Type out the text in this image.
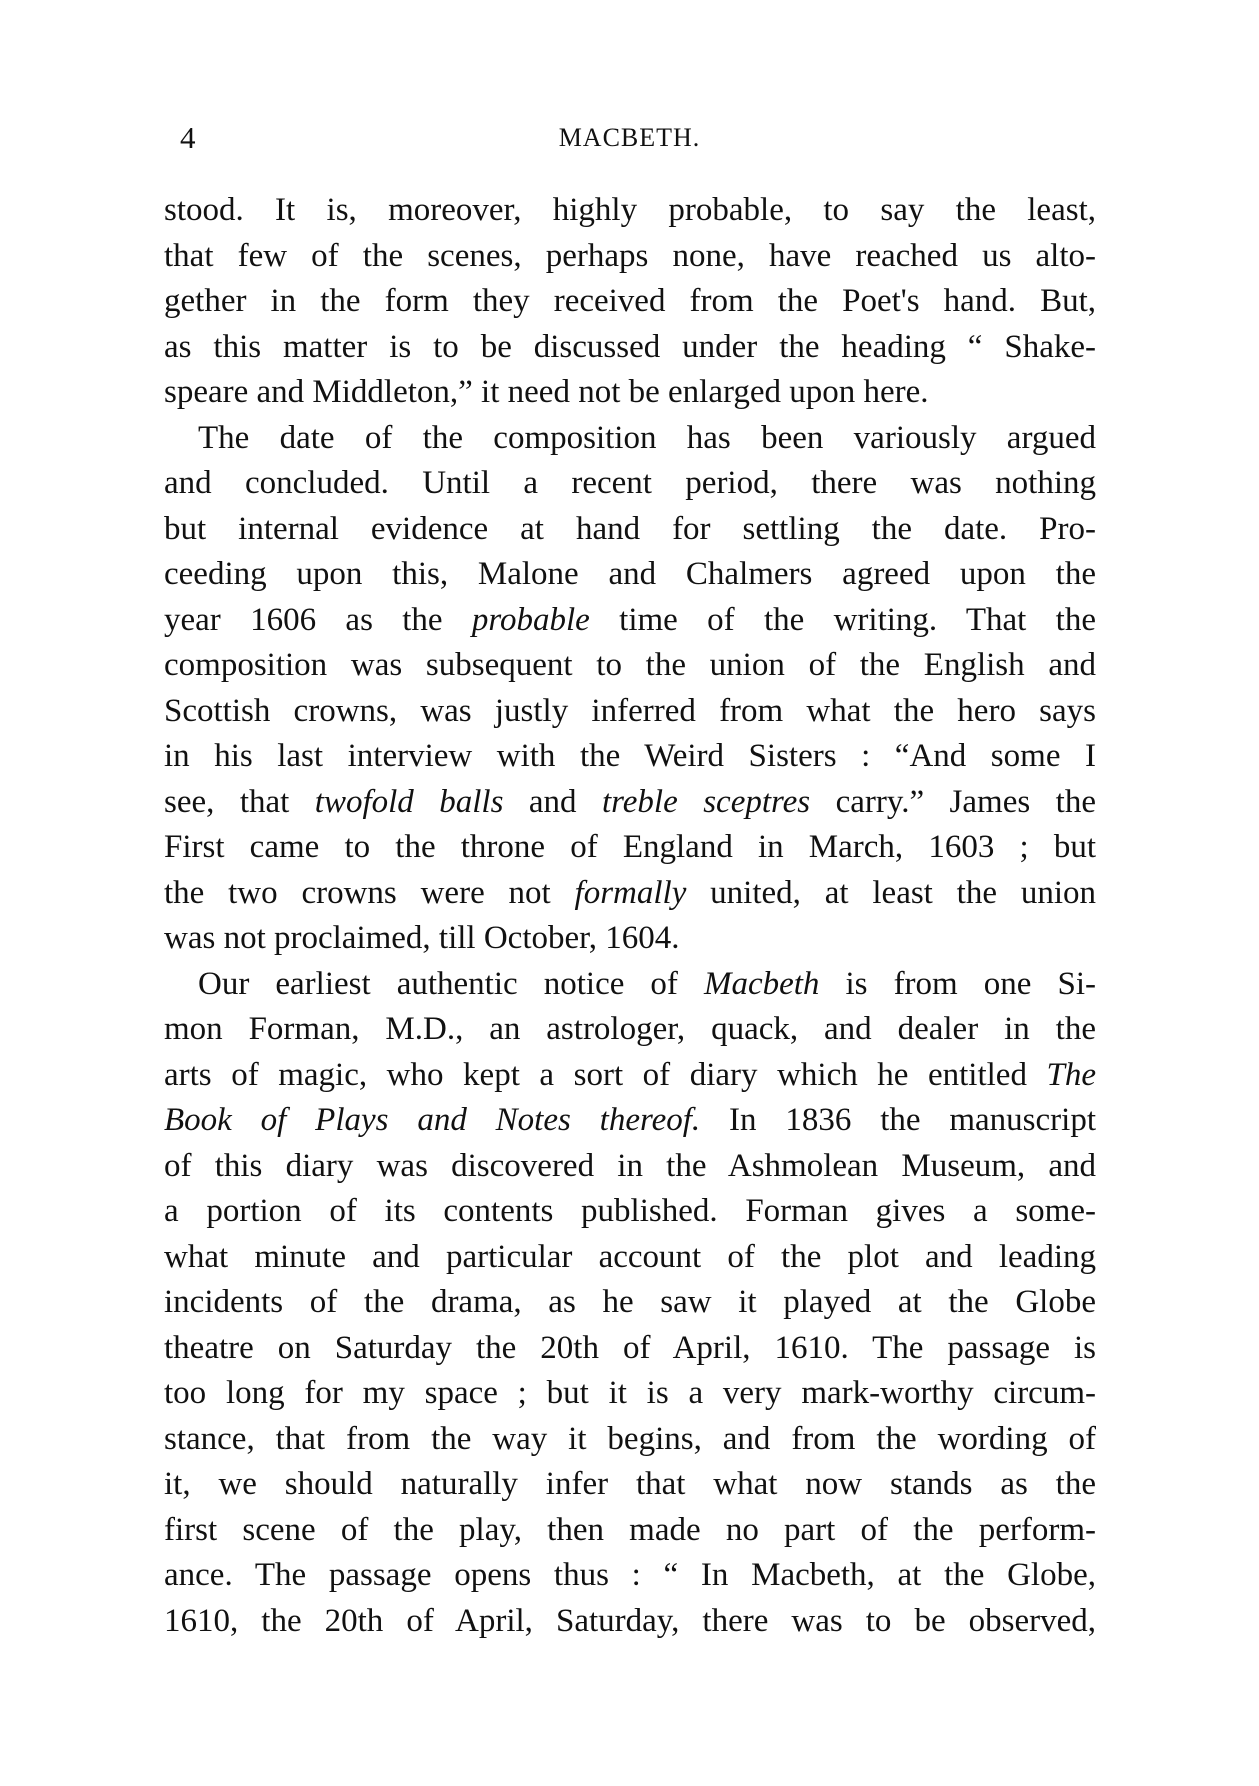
4	MACBETH.
stood. It is, moreover, highly probable, to say the least,
that few of the scenes, perhaps none, have reached us alto-
gether in the form they received from the Poet's hand. But,
as this matter is to be discussed under the heading “ Shake-
speare and Middleton,” it need not be enlarged upon here.
The date of the composition has been variously argued
and concluded. Until a recent period, there was nothing
but internal evidence at hand for settling the date. Pro-
ceeding upon this, Malone and Chalmers agreed upon the
year 1606 as the probable time of the writing. That the
composition was subsequent to the union of the English and
Scottish crowns, was justly inferred from what the hero says
in his last interview with the Weird Sisters : “And some I
see, that twofold balls and treble sceptres carry.” James the
First came to the throne of England in March, 1603 ; but
the two crowns were not formally united, at least the union
was not proclaimed, till October, 1604.
Our earliest authentic notice of Macbeth is from one Si-
mon Forman, M.D., an astrologer, quack, and dealer in the
arts of magic, who kept a sort of diary which he entitled The
Book of Plays and Notes thereof. In 1836 the manuscript
of this diary was discovered in the Ashmolean Museum, and
a portion of its contents published. Forman gives a some-
what minute and particular account of the plot and leading
incidents of the drama, as he saw it played at the Globe
theatre on Saturday the 20th of April, 1610. The passage is
too long for my space ; but it is a very mark-worthy circum-
stance, that from the way it begins, and from the wording of
it, we should naturally infer that what now stands as the
first scene of the play, then made no part of the perform-
ance. The passage opens thus : “ In Macbeth, at the Globe,
1610, the 20th of April, Saturday, there was to be observed,
